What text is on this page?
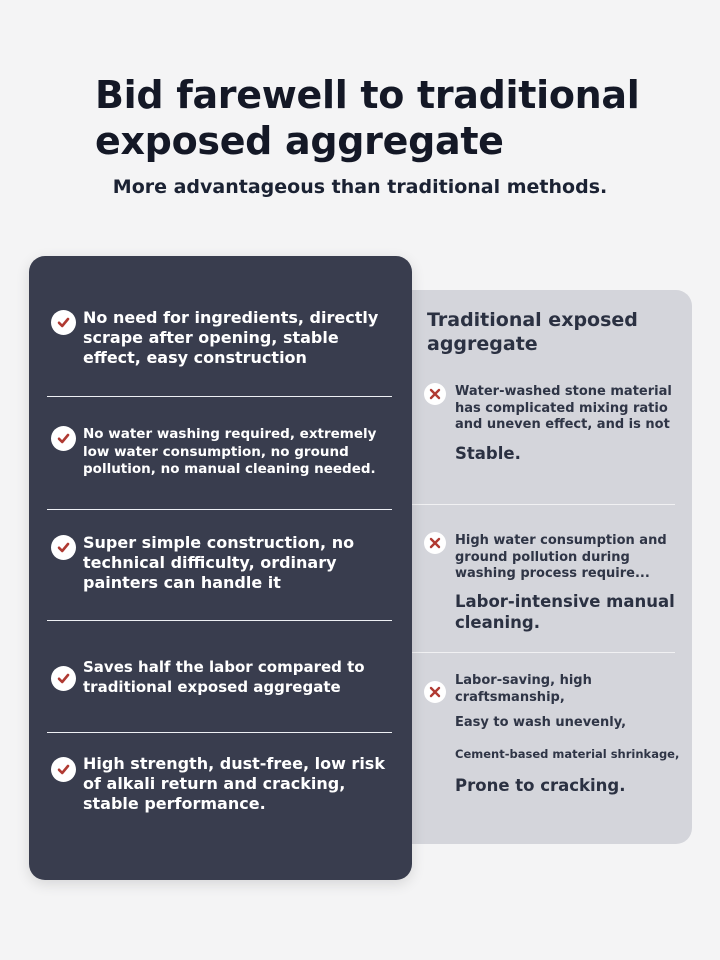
Bid farewell to traditional exposed aggregate

More advantageous than traditional methods.

Traditional exposed aggregate
Water-washed stone material has complicated mixing ratio and uneven effect, and is not
Stable.
High water consumption and ground pollution during washing process require...
Labor-intensive manual cleaning.
Labor-saving, high craftsmanship,
Easy to wash unevenly,
Cement-based material shrinkage,
Prone to cracking.
No need for ingredients, directly scrape after opening, stable effect, easy construction
No water washing required, extremely low water consumption, no ground pollution, no manual cleaning needed.
Super simple construction, no technical difficulty, ordinary painters can handle it
Saves half the labor compared to traditional exposed aggregate
High strength, dust-free, low risk of alkali return and cracking, stable performance.
